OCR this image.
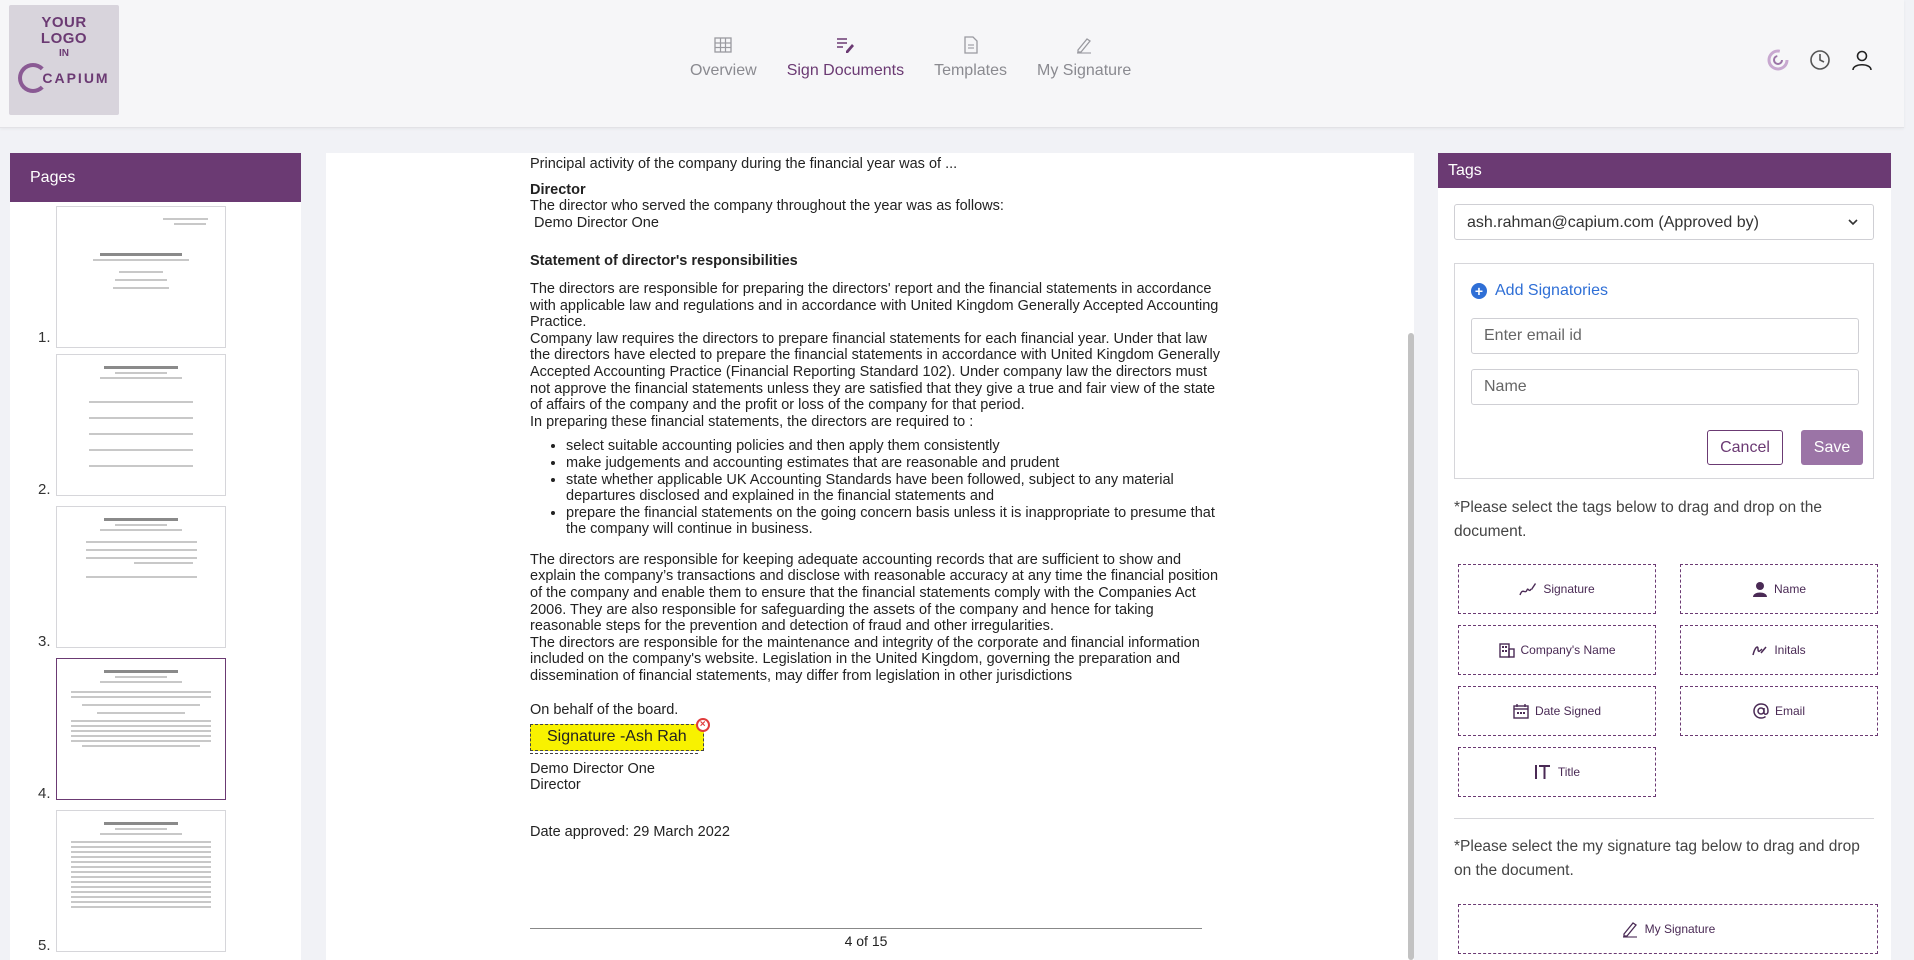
YOUR
LOGO
IN
CAPIUM	Overview Sign Documents Templates My Signature
Pages
1.
2.
3.
4.
5.

Principal activity of the company during the financial year was of ...

Director

The director who served the company throughout the year was as follows:

Demo Director One

Statement of director's responsibilities

The directors are responsible for preparing the directors' report and the financial statements in accordance with applicable law and regulations and in accordance with United Kingdom Generally Accepted Accounting Practice.

Company law requires the directors to prepare financial statements for each financial year. Under that law the directors have elected to prepare the financial statements in accordance with United Kingdom Generally Accepted Accounting Practice (Financial Reporting Standard 102). Under company law the directors must not approve the financial statements unless they are satisfied that they give a true and fair view of the state of affairs of the company and the profit or loss of the company for that period.

In preparing these financial statements, the directors are required to :

• select suitable accounting policies and then apply them consistently
• make judgements and accounting estimates that are reasonable and prudent
• state whether applicable UK Accounting Standards have been followed, subject to any material departures disclosed and explained in the financial statements and
• prepare the financial statements on the going concern basis unless it is inappropriate to presume that the company will continue in business.

The directors are responsible for keeping adequate accounting records that are sufficient to show and explain the company’s transactions and disclose with reasonable accuracy at any time the financial position of the company and enable them to ensure that the financial statements comply with the Companies Act 2006. They are also responsible for safeguarding the assets of the company and hence for taking reasonable steps for the prevention and detection of fraud and other irregularities.

The directors are responsible for the maintenance and integrity of the corporate and financial information included on the company's website. Legislation in the United Kingdom, governing the preparation and dissemination of financial statements, may differ from legislation in other jurisdictions

On behalf of the board.

Signature -Ash Rah
×

Demo Director One

Director

Date approved: 29 March 2022

4 of 15
Tags
ash.rahman@capium.com (Approved by)
+ Add Signatories
Enter email id
Name
Cancel	Save
*Please select the tags below to drag and drop on the document.
Signature	Name
Company's Name	Initals
Date Signed	Email
Title
*Please select the my signature tag below to drag and drop on the document.
My Signature
